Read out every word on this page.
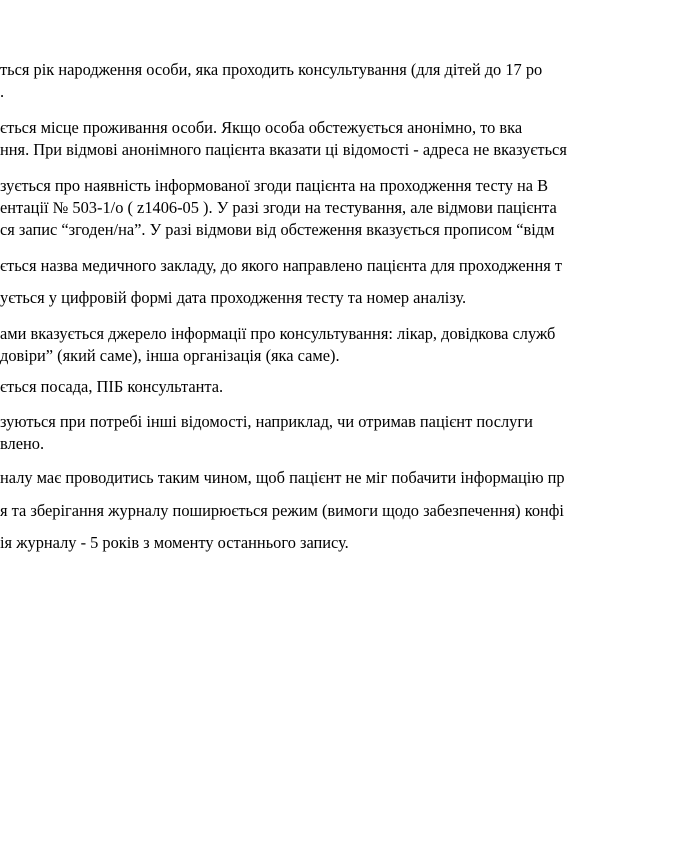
ться рік народження особи, яка проходить консультування (для дітей до 17 ро
.
ється місце проживання особи. Якщо особа обстежується анонімно, то вка
ння. При відмові анонімного пацієнта вказати ці відомості - адреса не вказується
зується про наявність інформованої згоди пацієнта на проходження тесту на В
ентації № 503-1/о ( z1406-05 ). У разі згоди на тестування, але відмови пацієнта
ся запис “згоден/на”. У разі відмови від обстеження вказується прописом “відм
ється назва медичного закладу, до якого направлено пацієнта для проходження т
ується у цифровій формі дата проходження тесту та номер аналізу.
ами вказується джерело інформації про консультування: лікар, довідкова служб
довіри” (який саме), інша організація (яка саме).
ється посада, ПІБ консультанта.
зуються при потребі інші відомості, наприклад, чи отримав пацієнт послуги
влено.
налу має проводитись таким чином, щоб пацієнт не міг побачити інформацію пр
я та зберігання журналу поширюється режим (вимоги щодо забезпечення) конфі
ія журналу - 5 років з моменту останнього запису.
